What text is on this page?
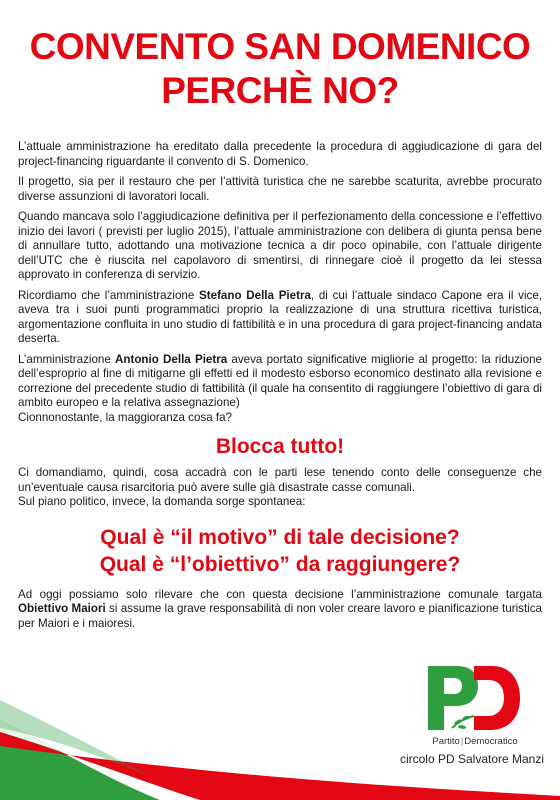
CONVENTO SAN DOMENICO
PERCHÈ NO?

L’attuale amministrazione ha ereditato dalla precedente la procedura di aggiudicazione di gara del project-financing riguardante il convento di S. Domenico.

Il progetto, sia per il restauro che per l’attività turistica che ne sarebbe scaturita, avrebbe procurato diverse assunzioni di lavoratori locali.

Quando mancava solo l’aggiudicazione definitiva per il perfezionamento della concessione e l’effettivo inizio dei lavori ( previsti per luglio 2015), l’attuale amministrazione con delibera di giunta pensa bene di annullare tutto, adottando una motivazione tecnica a dir poco opinabile, con l’attuale dirigente dell’UTC che è riuscita nel capolavoro di smentirsi, di rinnegare cioè il progetto da lei stessa approvato in conferenza di servizio.

Ricordiamo che l’amministrazione Stefano Della Pietra, di cui l’attuale sindaco Capone era il vice, aveva tra i suoi punti programmatici proprio la realizzazione di una struttura ricettiva turistica, argomentazione confluita in uno studio di fattibilità e in una procedura di gara project-financing andata deserta.

L’amministrazione Antonio Della Pietra aveva portato significative migliorie al progetto: la riduzione dell’esproprio al fine di mitigarne gli effetti ed il modesto esborso economico destinato alla revisione e correzione del precedente studio di fattibilità (il quale ha consentito di raggiungere l’obiettivo di gara di ambito europeo e la relativa assegnazione)

Cionnonostante, la maggioranza cosa fa?

Blocca tutto!

Ci domandiamo, quindi, cosa accadrà con le parti lese tenendo conto delle conseguenze che un’eventuale causa risarcitoria può avere sulle già disastrate casse comunali.

Sul piano politico, invece, la domanda sorge spontanea:

Qual è “il motivo” di tale decisione?
Qual è “l’obiettivo” da raggiungere?

Ad oggi possiamo solo rilevare che con questa decisione l’amministrazione comunale targata Obiettivo Maiori si assume la grave responsabilità di non voler creare lavoro e pianificazione turistica per Maiori e i maioresi.

Partito|Democratico
circolo PD Salvatore Manzi
